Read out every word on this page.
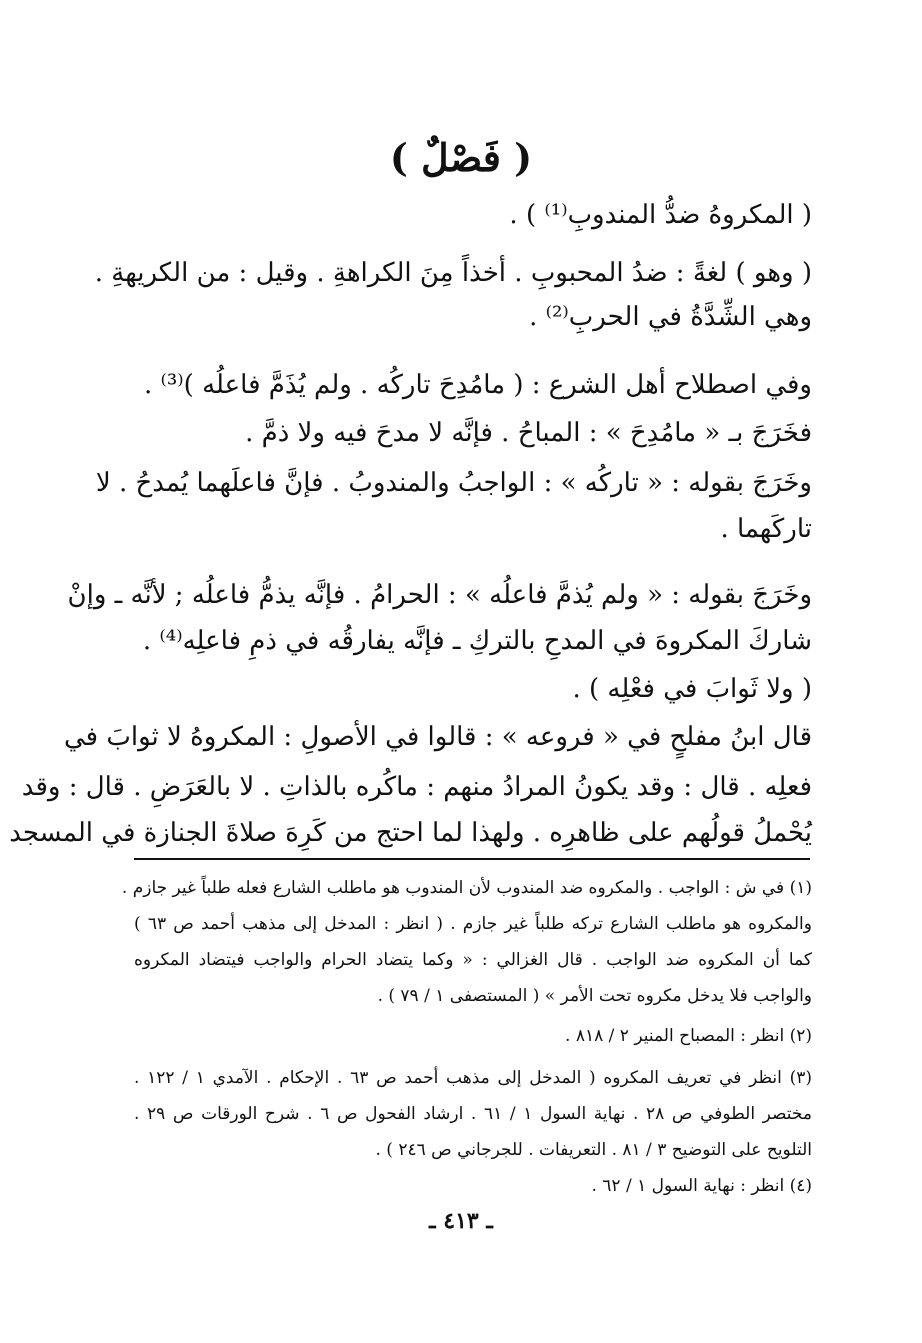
( فَصْلٌ )
( المكروهُ ضدُّ المندوبِ⁽¹⁾ ) .
( وهو ) لغةً : ضدُ المحبوبِ . أخذاً مِنَ الكراهةِ . وقيل : من الكريهةِ .
وهي الشِّدَّةُ في الحربِ⁽²⁾ .
وفي اصطلاح أهل الشرع : ( مامُدِحَ تاركُه . ولم يُذَمَّ فاعلُه )⁽³⁾ .
فخَرَجَ بـ « مامُدِحَ » : المباحُ . فإنَّه لا مدحَ فيه ولا ذمَّ .
وخَرَجَ بقوله : « تاركُه » : الواجبُ والمندوبُ . فإنَّ فاعلَهما يُمدحُ . لا
تاركَهما .
وخَرَجَ بقوله : « ولم يُذمَّ فاعلُه » : الحرامُ . فإنَّه يذمُّ فاعلُه ; لأنَّه ـ وإنْ
شاركَ المكروهَ في المدحِ بالتركِ ـ فإنَّه يفارقُه في ذمِ فاعلِه⁽⁴⁾ .
( ولا ثَوابَ في فعْلِه ) .
قال ابنُ مفلحٍ في « فروعه » : قالوا في الأصولِ : المكروهُ لا ثوابَ في
فعلِه . قال : وقد يكونُ المرادُ منهم : ماكُره بالذاتِ . لا بالعَرَضِ . قال : وقد
يُحْملُ قولُهم على ظاهرِه . ولهذا لما احتج من كَرِهَ صلاةَ الجنازة في المسجد
(١) في ش : الواجب . والمكروه ضد المندوب لأن المندوب هو ماطلب الشارع فعله طلباً غير جازم .
والمكروه هو ماطلب الشارع تركه طلباً غير جازم . ( انظر : المدخل إلى مذهب أحمد ص ٦٣ )
كما أن المكروه ضد الواجب . قال الغزالي : « وكما يتضاد الحرام والواجب فيتضاد المكروه
والواجب فلا يدخل مكروه تحت الأمر » ( المستصفى ١ / ٧٩ ) .
(٢) انظر : المصباح المنير ٢ / ٨١٨ .
(٣) انظر في تعريف المكروه ( المدخل إلى مذهب أحمد ص ٦٣ . الإحكام . الآمدي ١ / ١٢٢ .
مختصر الطوفي ص ٢٨ . نهاية السول ١ / ٦١ . ارشاد الفحول ص ٦ . شرح الورقات ص ٢٩ .
التلويح على التوضيح ٣ / ٨١ . التعريفات . للجرجاني ص ٢٤٦ ) .
(٤) انظر : نهاية السول ١ / ٦٢ .
ـ ٤١٣ ـ
